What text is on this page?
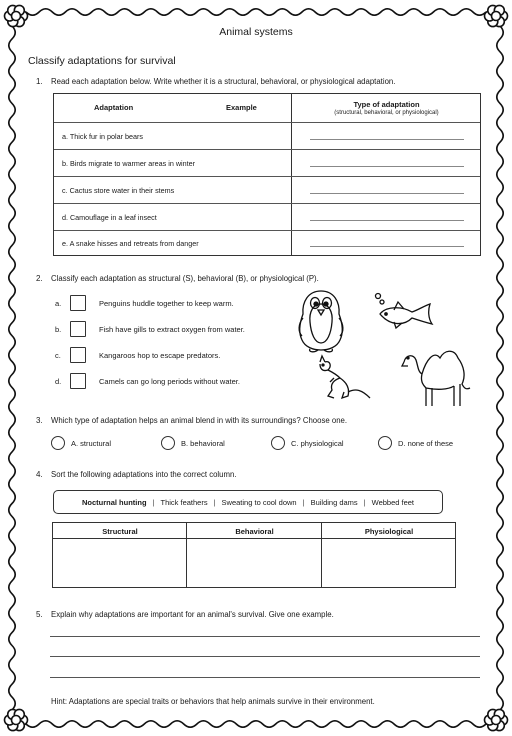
Animal systems
Classify adaptations for survival
1. Read each adaptation below. Write whether it is a structural, behavioral, or physiological adaptation.
Adaptation	Example	Type of adaptation
(structural, behavioral, or physiological)
a. Thick fur in polar bears
b. Birds migrate to warmer areas in winter
c. Cactus store water in their stems
d. Camouflage in a leaf insect
e. A snake hisses and retreats from danger
2. Classify each adaptation as structural (S), behavioral (B), or physiological (P).
a.	Penguins huddle together to keep warm.
b.	Fish have gills to extract oxygen from water.
c.	Kangaroos hop to escape predators.
d.	Camels can go long periods without water.
3. Which type of adaptation helps an animal blend in with its surroundings? Choose one.
A. structural	B. behavioral	C. physiological	D. none of these
4. Sort the following adaptations into the correct column.
Nocturnal hunting | Thick feathers | Sweating to cool down | Building dams | Webbed feet
Structural	Behavioral	Physiological
5. Explain why adaptations are important for an animal's survival. Give one example.
Hint: Adaptations are special traits or behaviors that help animals survive in their environment.
